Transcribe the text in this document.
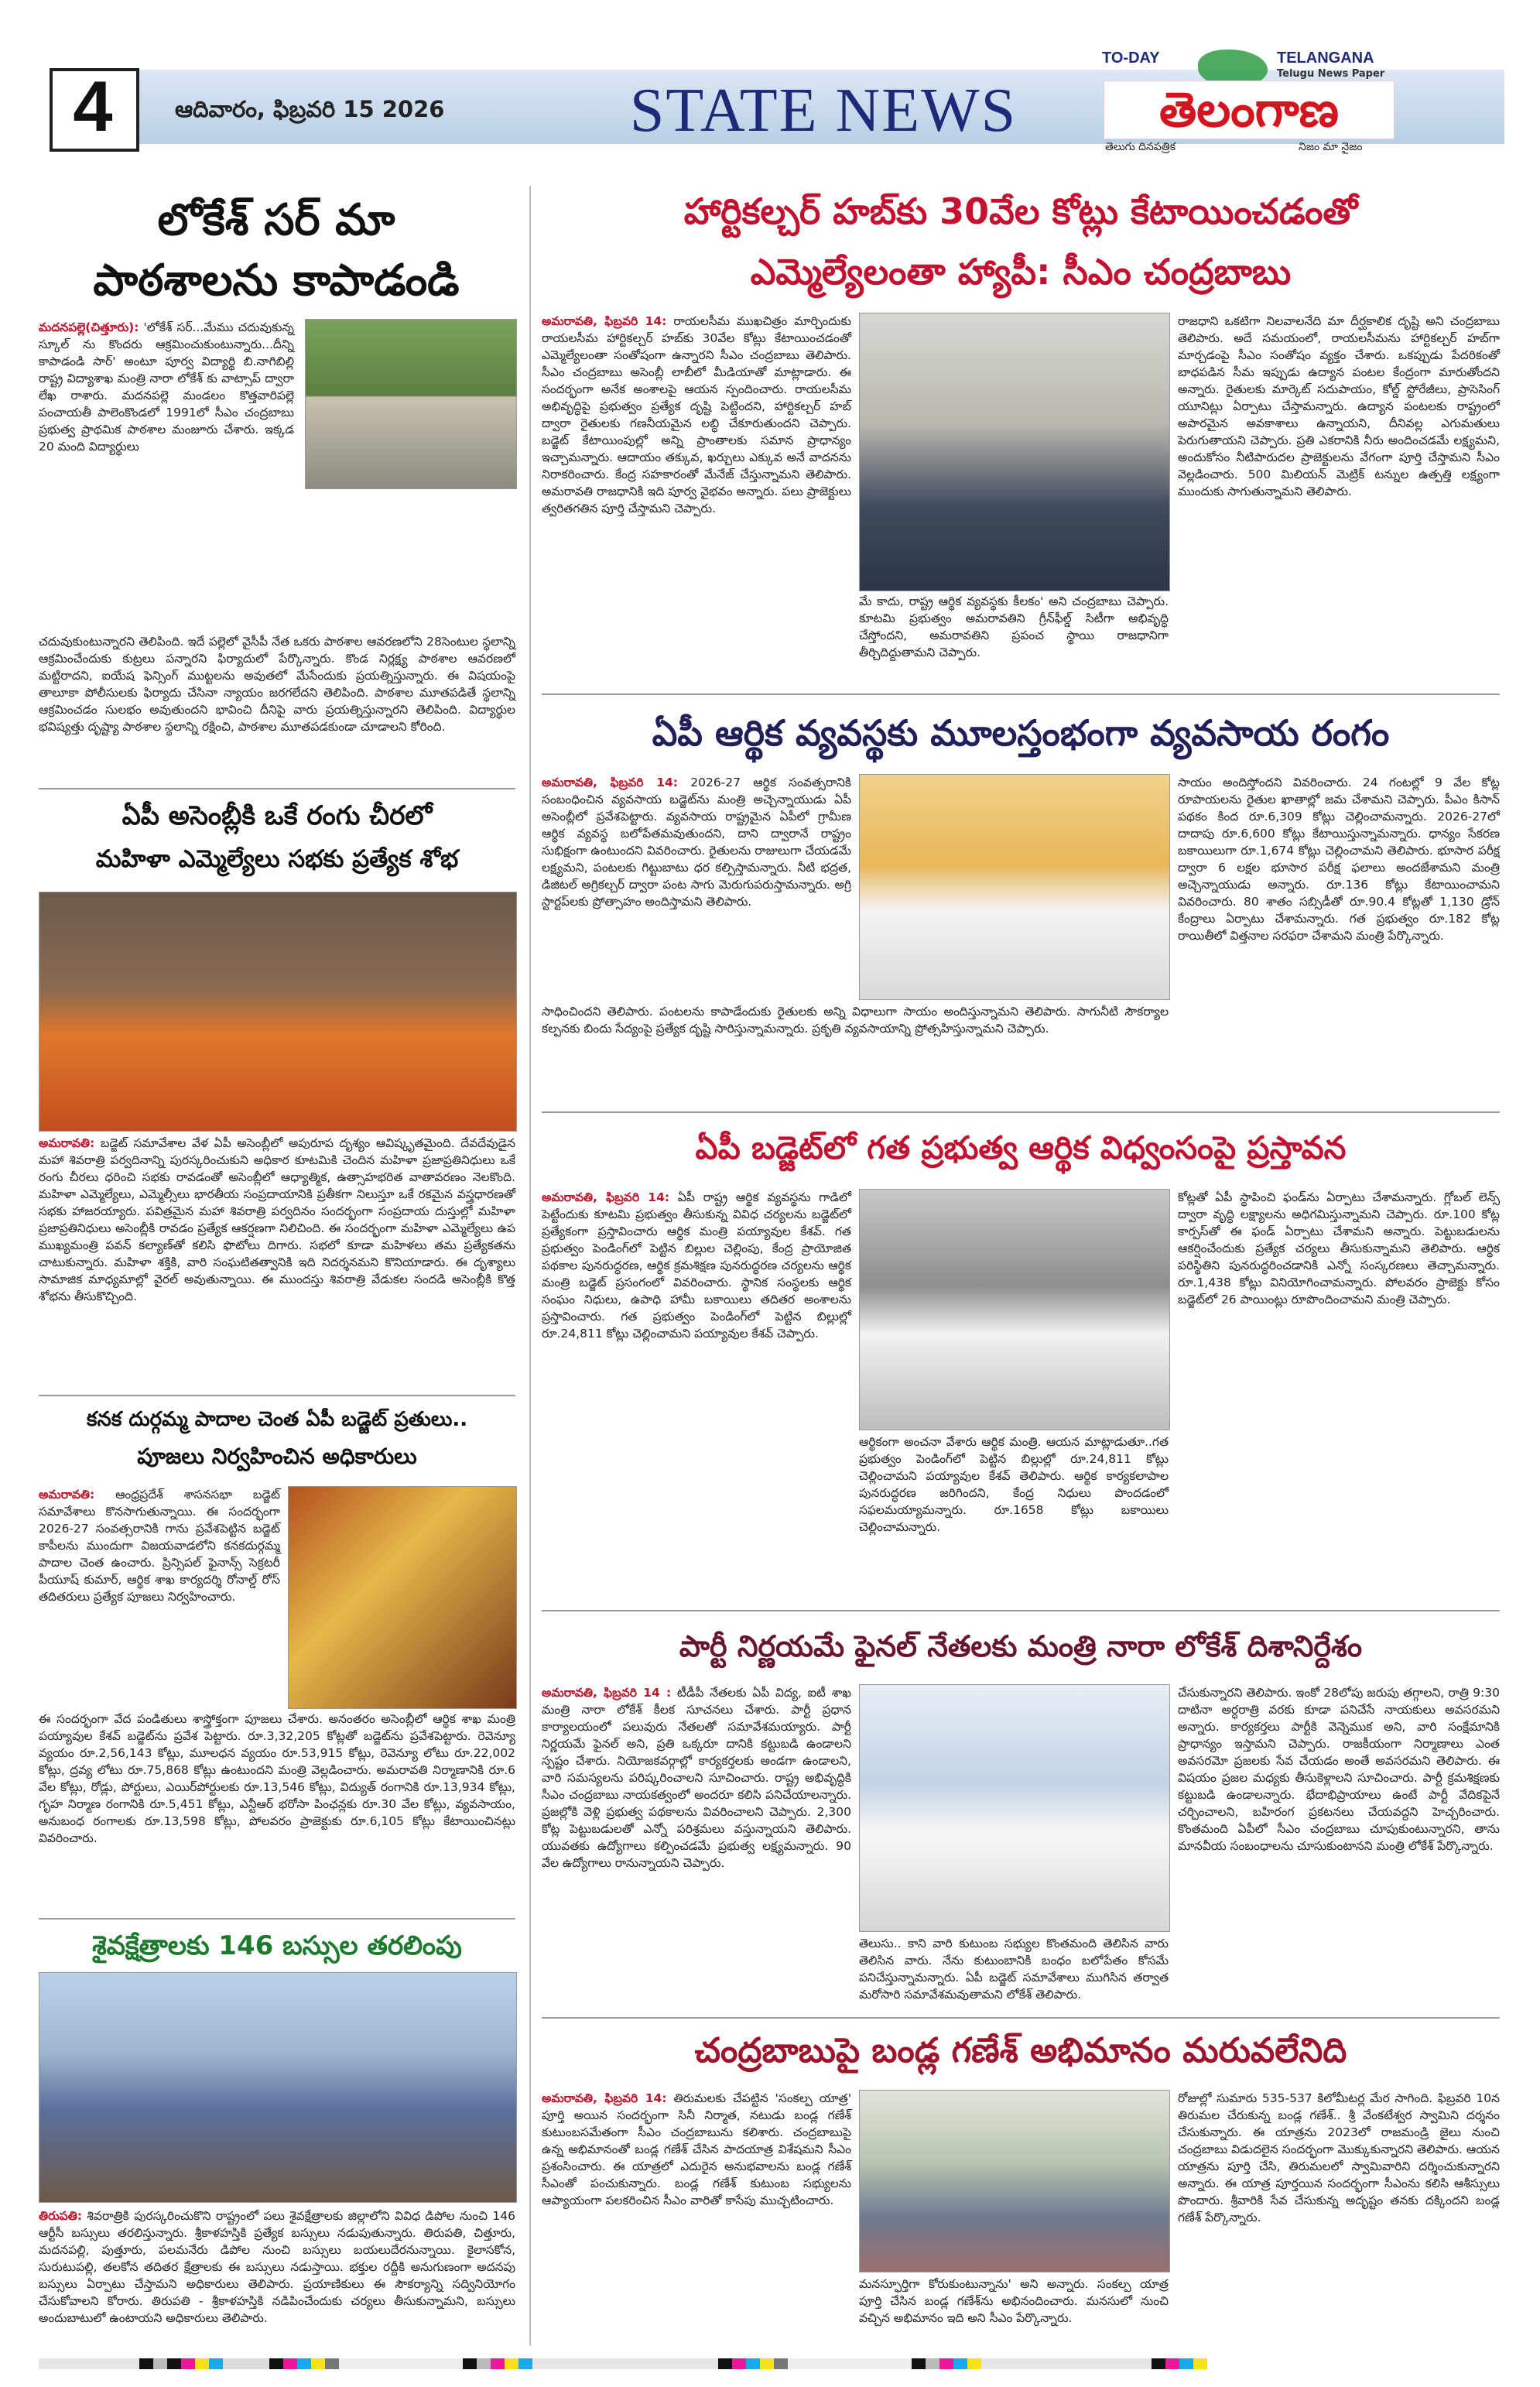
4	ఆదివారం, ఫిబ్రవరి 15 2026	STATE NEWS
TO-DAY	TELANGANA
Telugu News Paper
తెలంగాణ
తెలుగు దినపత్రిక	నిజం మా నైజం
లోకేశ్ సర్ మా
పాఠశాలను కాపాడండి
మదనపల్లె(చిత్తూరు): 'లోకేశ్ సర్...మేము చదువుకున్న స్కూల్ ను కొందరు ఆక్రమించుకుంటున్నారు...దీన్ని కాపాడండి సార్' అంటూ పూర్వ విద్యార్థి బి.నాగిబిల్లి రాష్ట్ర విద్యాశాఖ మంత్రి నారా లోకేశ్ కు వాట్సాప్ ద్వారా లేఖ రాశారు. మదనపల్లె మండలం కొత్తవారిపల్లె పంచాయతీ పాలెంకొండలో 1991లో సీఎం చంద్రబాబు ప్రభుత్వ ప్రాథమిక పాఠశాల మంజూరు చేశారు. ఇక్కడ 20 మంది విద్యార్థులు
చదువుకుంటున్నారని తెలిపింది. ఇదే పల్లెలో వైసీపీ నేత ఒకరు పాఠశాల ఆవరణలోని 28సెంటుల స్థలాన్ని ఆక్రమించేందుకు కుట్రలు పన్నారని ఫిర్యాదులో పేర్కొన్నారు. కొండ నిర్లక్ష్య పాఠశాల ఆవరణలో మట్టిరాదని, ఐయేష ఫెన్సింగ్ ముట్టలను అవుతలో మేసేందుకు ప్రయత్నిస్తున్నారు. ఈ విషయంపై తాలూకా పోలీసులకు ఫిర్యాదు చేసినా న్యాయం జరగలేదని తెలిపింది. పాఠశాల మూతపడితే స్థలాన్ని ఆక్రమించడం సులభం అవుతుందని భావించి దీనిపై వారు ప్రయత్నిస్తున్నారని తెలిపింది. విద్యార్థుల భవిష్యత్తు దృష్ట్యా పాఠశాల స్థలాన్ని రక్షించి, పాఠశాల మూతపడకుండా చూడాలని కోరింది.
ఏపీ అసెంబ్లీకి ఒకే రంగు చీరలో
మహిళా ఎమ్మెల్యేలు సభకు ప్రత్యేక శోభ
అమరావతి: బడ్జెట్ సమావేశాల వేళ ఏపీ అసెంబ్లీలో అపురూప దృశ్యం ఆవిష్కృతమైంది. దేవదేవుడైన మహా శివరాత్రి పర్వదినాన్ని పురస్కరించుకుని అధికార కూటమికి చెందిన మహిళా ప్రజాప్రతినిధులు ఒకే రంగు చీరలు ధరించి సభకు రావడంతో అసెంబ్లీలో ఆధ్యాత్మిక, ఉత్సాహభరిత వాతావరణం నెలకొంది. మహిళా ఎమ్మెల్యేలు, ఎమ్మెల్సీలు భారతీయ సంప్రదాయానికి ప్రతీకగా నిలుస్తూ ఒకే రకమైన వస్త్రధారణతో సభకు హాజరయ్యారు. పవిత్రమైన మహా శివరాత్రి పర్వదినం సందర్భంగా సంప్రదాయ దుస్తుల్లో మహిళా ప్రజాప్రతినిధులు అసెంబ్లీకి రావడం ప్రత్యేక ఆకర్షణగా నిలిచింది. ఈ సందర్భంగా మహిళా ఎమ్మెల్యేలు ఉప ముఖ్యమంత్రి పవన్ కల్యాణ్‌తో కలిసి ఫొటోలు దిగారు. సభలో కూడా మహిళలు తమ ప్రత్యేకతను చాటుకున్నారు. మహిళా శక్తికి, వారి సంఘటితత్వానికి ఇది నిదర్శనమని కొనియాడారు. ఈ దృశ్యాలు సామాజిక మాధ్యమాల్లో వైరల్ అవుతున్నాయి. ఈ ముందస్తు శివరాత్రి వేడుకల సందడి అసెంబ్లీకి కొత్త శోభను తీసుకొచ్చింది.
కనక దుర్గమ్మ పాదాల చెంత ఏపీ బడ్జెట్ ప్రతులు..
పూజలు నిర్వహించిన అధికారులు
అమరావతి: ఆంధ్రప్రదేశ్ శాసనసభా బడ్జెట్ సమావేశాలు కొనసాగుతున్నాయి. ఈ సందర్భంగా 2026-27 సంవత్సరానికి గాను ప్రవేశపెట్టిన బడ్జెట్ కాపీలను ముందుగా విజయవాడలోని కనకదుర్గమ్మ పాదాల చెంత ఉంచారు. ప్రిన్సిపల్ ఫైనాన్స్ సెక్రటరీ పీయూష్ కుమార్, ఆర్థిక శాఖ కార్యదర్శి రోనాల్డ్ రోస్ తదితరులు ప్రత్యేక పూజలు నిర్వహించారు.
ఈ సందర్భంగా వేద పండితులు శాస్త్రోక్తంగా పూజలు చేశారు. అనంతరం అసెంబ్లీలో ఆర్థిక శాఖ మంత్రి పయ్యావుల కేశవ్ బడ్జెట్‌ను ప్రవేశ పెట్టారు. రూ.3,32,205 కోట్లతో బడ్జెట్‌ను ప్రవేశపెట్టారు. రెవెన్యూ వ్యయం రూ.2,56,143 కోట్లు, మూలధన వ్యయం రూ.53,915 కోట్లు, రెవెన్యూ లోటు రూ.22,002 కోట్లు, ద్రవ్య లోటు రూ.75,868 కోట్లు ఉంటుందని మంత్రి వెల్లడించారు. అమరావతి నిర్మాణానికి రూ.6 వేల కోట్లు, రోడ్లు, పోర్టులు, ఎయిర్‌పోర్టులకు రూ.13,546 కోట్లు, విద్యుత్ రంగానికి రూ.13,934 కోట్లు, గృహ నిర్మాణ రంగానికి రూ.5,451 కోట్లు, ఎన్టీఆర్ భరోసా పింఛన్లకు రూ.30 వేల కోట్లు, వ్యవసాయం, అనుబంధ రంగాలకు రూ.13,598 కోట్లు, పోలవరం ప్రాజెక్టుకు రూ.6,105 కోట్లు కేటాయించినట్లు వివరించారు.
శైవక్షేత్రాలకు 146 బస్సుల తరలింపు
తిరుపతి: శివరాత్రికి పురస్కరించుకొని రాష్ట్రంలో పలు శైవక్షేత్రాలకు జిల్లాలోని వివిధ డిపోల నుంచి 146 ఆర్టీసీ బస్సులు తరలిస్తున్నారు. శ్రీకాళహస్తికి ప్రత్యేక బస్సులు నడుపుతున్నారు. తిరుపతి, చిత్తూరు, మదనపల్లి, పుత్తూరు, పలమనేరు డిపోల నుంచి బస్సులు బయలుదేరనున్నాయి. కైలాసకోన, సురుటుపల్లి, తలకోన తదితర క్షేత్రాలకు ఈ బస్సులు నడుస్తాయి. భక్తుల రద్దీకి అనుగుణంగా అదనపు బస్సులు ఏర్పాటు చేస్తామని అధికారులు తెలిపారు. ప్రయాణికులు ఈ సౌకర్యాన్ని సద్వినియోగం చేసుకోవాలని కోరారు. తిరుపతి - శ్రీకాళహస్తికి నడిపించేందుకు చర్యలు తీసుకున్నామని, బస్సులు అందుబాటులో ఉంటాయని అధికారులు తెలిపారు.
హార్టికల్చర్ హబ్‌కు 30వేల కోట్లు కేటాయించడంతో
ఎమ్మెల్యేలంతా హ్యాపీ: సీఎం చంద్రబాబు
అమరావతి, ఫిబ్రవరి 14: రాయలసీమ ముఖచిత్రం మార్చిందుకు రాయలసీమ హార్టికల్చర్ హబ్‌కు 30వేల కోట్లు కేటాయించడంతో ఎమ్మెల్యేలంతా సంతోషంగా ఉన్నారని సీఎం చంద్రబాబు తెలిపారు. సీఎం చంద్రబాబు అసెంబ్లీ లాబీలో మీడియాతో మాట్లాడారు. ఈ సందర్భంగా అనేక అంశాలపై ఆయన స్పందించారు. రాయలసీమ అభివృద్ధిపై ప్రభుత్వం ప్రత్యేక దృష్టి పెట్టిందని, హార్టికల్చర్ హబ్ ద్వారా రైతులకు గణనీయమైన లబ్ధి చేకూరుతుందని చెప్పారు. బడ్జెట్ కేటాయింపుల్లో అన్ని ప్రాంతాలకు సమాన ప్రాధాన్యం ఇచ్చామన్నారు. ఆదాయం తక్కువ, ఖర్చులు ఎక్కువ అనే వాదనను నిరాకరించారు. కేంద్ర సహకారంతో మేనేజ్ చేస్తున్నామని తెలిపారు. అమరావతి రాజధానికి ఇది పూర్వ వైభవం అన్నారు. పలు ప్రాజెక్టులు త్వరితగతిన పూర్తి చేస్తామని చెప్పారు.
మే కాదు, రాష్ట్ర ఆర్థిక వ్యవస్థకు కీలకం' అని చంద్రబాబు చెప్పారు. కూటమి ప్రభుత్వం అమరావతిని గ్రీన్‌ఫీల్డ్ సిటీగా అభివృద్ధి చేస్తోందని, అమరావతిని ప్రపంచ స్థాయి రాజధానిగా తీర్చిదిద్దుతామని చెప్పారు.
రాజధాని ఒకటిగా నిలవాలనేది మా దీర్ఘకాలిక దృష్టి అని చంద్రబాబు తెలిపారు. అదే సమయంలో, రాయలసీమను హార్టికల్చర్ హబ్‌గా మార్చడంపై సీఎం సంతోషం వ్యక్తం చేశారు. ఒకప్పుడు పేదరికంతో బాధపడిన సీమ ఇప్పుడు ఉద్యాన పంటల కేంద్రంగా మారుతోందని అన్నారు. రైతులకు మార్కెట్ సదుపాయం, కోల్డ్ స్టోరేజీలు, ప్రాసెసింగ్ యూనిట్లు ఏర్పాటు చేస్తామన్నారు. ఉద్యాన పంటలకు రాష్ట్రంలో అపారమైన అవకాశాలు ఉన్నాయని, దీనివల్ల ఎగుమతులు పెరుగుతాయని చెప్పారు. ప్రతి ఎకరానికి నీరు అందించడమే లక్ష్యమని, అందుకోసం నీటిపారుదల ప్రాజెక్టులను వేగంగా పూర్తి చేస్తామని సీఎం వెల్లడించారు. 500 మిలియన్ మెట్రిక్ టన్నుల ఉత్పత్తి లక్ష్యంగా ముందుకు సాగుతున్నామని తెలిపారు.
ఏపీ ఆర్థిక వ్యవస్థకు మూలస్తంభంగా వ్యవసాయ రంగం
అమరావతి, ఫిబ్రవరి 14: 2026-27 ఆర్థిక సంవత్సరానికి సంబంధించిన వ్యవసాయ బడ్జెట్‌ను మంత్రి అచ్చెన్నాయుడు ఏపీ అసెంబ్లీలో ప్రవేశపెట్టారు. వ్యవసాయ రాష్ట్రమైన ఏపీలో గ్రామీణ ఆర్థిక వ్యవస్థ బలోపేతమవుతుందని, దాని ద్వారానే రాష్ట్రం సుభిక్షంగా ఉంటుందని వివరించారు. రైతులను రాజులుగా చేయడమే లక్ష్యమని, పంటలకు గిట్టుబాటు ధర కల్పిస్తామన్నారు. నీటి భద్రత, డిజిటల్ అగ్రికల్చర్ ద్వారా పంట సాగు మెరుగుపరుస్తామన్నారు. అగ్రి స్టార్టప్‌లకు ప్రోత్సాహం అందిస్తామని తెలిపారు.
సాధించిందని తెలిపారు. పంటలను కాపాడేందుకు రైతులకు అన్ని విధాలుగా సాయం అందిస్తున్నామని తెలిపారు. సాగునీటి సౌకర్యాల కల్పనకు బిందు సేద్యంపై ప్రత్యేక దృష్టి సారిస్తున్నామన్నారు. ప్రకృతి వ్యవసాయాన్ని ప్రోత్సహిస్తున్నామని చెప్పారు.
సాయం అందిస్తోందని వివరించారు. 24 గంటల్లో 9 వేల కోట్ల రూపాయలను రైతుల ఖాతాల్లో జమ చేశామని చెప్పారు. పీఎం కిసాన్ పథకం కింద రూ.6,309 కోట్లు చెల్లించామన్నారు. 2026-27లో దాదాపు రూ.6,600 కోట్లు కేటాయిస్తున్నామన్నారు. ధాన్యం సేకరణ బకాయిలుగా రూ.1,674 కోట్లు చెల్లించామని తెలిపారు. భూసార పరీక్ష ద్వారా 6 లక్షల భూసార పరీక్ష ఫలాలు అందజేశామని మంత్రి అచ్చెన్నాయుడు అన్నారు. రూ.136 కోట్లు కేటాయించామని వివరించారు. 80 శాతం సబ్సిడీతో రూ.90.4 కోట్లతో 1,130 డ్రోన్ కేంద్రాలు ఏర్పాటు చేశామన్నారు. గత ప్రభుత్వం రూ.182 కోట్ల రాయితీలో విత్తనాల సరఫరా చేశామని మంత్రి పేర్కొన్నారు.
ఏపీ బడ్జెట్‌లో గత ప్రభుత్వ ఆర్థిక విధ్వంసంపై ప్రస్తావన
అమరావతి, ఫిబ్రవరి 14: ఏపీ రాష్ట్ర ఆర్థిక వ్యవస్థను గాడిలో పెట్టేందుకు కూటమి ప్రభుత్వం తీసుకున్న వివిధ చర్యలను బడ్జెట్‌లో ప్రత్యేకంగా ప్రస్తావించారు ఆర్థిక మంత్రి పయ్యావుల కేశవ్. గత ప్రభుత్వం పెండింగ్‌లో పెట్టిన బిల్లుల చెల్లింపు, కేంద్ర ప్రాయోజిత పథకాల పునరుద్ధరణ, ఆర్థిక క్రమశిక్షణ పునరుద్ధరణ చర్యలను ఆర్థిక మంత్రి బడ్జెట్ ప్రసంగంలో వివరించారు. స్థానిక సంస్థలకు ఆర్థిక సంఘం నిధులు, ఉపాధి హామీ బకాయిలు తదితర అంశాలను ప్రస్తావించారు. గత ప్రభుత్వం పెండింగ్‌లో పెట్టిన బిల్లుల్లో రూ.24,811 కోట్లు చెల్లించామని పయ్యావుల కేశవ్ చెప్పారు.
ఆర్థికంగా అంచనా వేశారు ఆర్థిక మంత్రి. ఆయన మాట్లాడుతూ..గత ప్రభుత్వం పెండింగ్‌లో పెట్టిన బిల్లుల్లో రూ.24,811 కోట్లు చెల్లించామని పయ్యావుల కేశవ్ తెలిపారు. ఆర్థిక కార్యకలాపాల పునరుద్ధరణ జరిగిందని, కేంద్ర నిధులు పొందడంలో సఫలమయ్యామన్నారు. రూ.1658 కోట్లు బకాయిలు చెల్లించామన్నారు.
కోట్లతో ఏపీ స్థాపించి ఫండ్‌ను ఏర్పాటు చేశామన్నారు. గ్లోబల్ లెన్స్ ద్వారా వృద్ధి లక్ష్యాలను అధిగమిస్తున్నామని చెప్పారు. రూ.100 కోట్ల కార్పస్‌తో ఈ ఫండ్ ఏర్పాటు చేశామని అన్నారు. పెట్టుబడులను ఆకర్షించేందుకు ప్రత్యేక చర్యలు తీసుకున్నామని తెలిపారు. ఆర్థిక పరిస్థితిని పునరుద్ధరించడానికి ఎన్నో సంస్కరణలు తెచ్చామన్నారు. రూ.1,438 కోట్లు వినియోగించామన్నారు. పోలవరం ప్రాజెక్టు కోసం బడ్జెట్‌లో 26 పాయింట్లు రూపొందించామని మంత్రి చెప్పారు.
పార్టీ నిర్ణయమే ఫైనల్ నేతలకు మంత్రి నారా లోకేశ్ దిశానిర్దేశం
అమరావతి, ఫిబ్రవరి 14 : టీడీపీ నేతలకు ఏపీ విద్య, ఐటీ శాఖ మంత్రి నారా లోకేశ్ కీలక సూచనలు చేశారు. పార్టీ ప్రధాన కార్యాలయంలో పలువురు నేతలతో సమావేశమయ్యారు. పార్టీ నిర్ణయమే ఫైనల్ అని, ప్రతి ఒక్కరూ దానికి కట్టుబడి ఉండాలని స్పష్టం చేశారు. నియోజకవర్గాల్లో కార్యకర్తలకు అండగా ఉండాలని, వారి సమస్యలను పరిష్కరించాలని సూచించారు. రాష్ట్ర అభివృద్ధికి సీఎం చంద్రబాబు నాయకత్వంలో అందరూ కలిసి పనిచేయాలన్నారు. ప్రజల్లోకి వెళ్లి ప్రభుత్వ పథకాలను వివరించాలని చెప్పారు. 2,300 కోట్ల పెట్టుబడులతో ఎన్నో పరిశ్రమలు వస్తున్నాయని తెలిపారు. యువతకు ఉద్యోగాలు కల్పించడమే ప్రభుత్వ లక్ష్యమన్నారు. 90 వేల ఉద్యోగాలు రానున్నాయని చెప్పారు.
తెలుసు.. కాని వారి కుటుంబ సభ్యుల కొంతమంది తెలిసిన వారు తెలిసిన వారు. నేను కుటుంబానికి బంధం బలోపేతం కోసమే పనిచేస్తున్నామన్నారు. ఏపీ బడ్జెట్ సమావేశాలు ముగిసిన తర్వాత మరోసారి సమావేశమవుతామని లోకేశ్ తెలిపారు.
చేసుకున్నారని తెలిపారు. ఇంకో 28లోపు జరుపు తగ్గాలని, రాత్రి 9:30 దాటినా అర్ధరాత్రి వరకు కూడా పనిచేసే నాయకులు అవసరమని అన్నారు. కార్యకర్తలు పార్టీకి వెన్నెముక అని, వారి సంక్షేమానికి ప్రాధాన్యం ఇస్తామని చెప్పారు. రాజకీయంగా నిర్మాణాలు ఎంత అవసరమో ప్రజలకు సేవ చేయడం అంతే అవసరమని తెలిపారు. ఈ విషయం ప్రజల మధ్యకు తీసుకెళ్లాలని సూచించారు. పార్టీ క్రమశిక్షణకు కట్టుబడి ఉండాలన్నారు. భేదాభిప్రాయాలు ఉంటే పార్టీ వేదికపైనే చర్చించాలని, బహిరంగ ప్రకటనలు చేయవద్దని హెచ్చరించారు. కొంతమంది ఏపీలో సీఎం చంద్రబాబు చూపుకుంటున్నారని, తాను మానవీయ సంబంధాలను చూసుకుంటానని మంత్రి లోకేశ్ పేర్కొన్నారు.
చంద్రబాబుపై బండ్ల గణేశ్ అభిమానం మరువలేనిది
అమరావతి, ఫిబ్రవరి 14: తిరుమలకు చేపట్టిన 'సంకల్ప యాత్ర' పూర్తి అయిన సందర్భంగా సినీ నిర్మాత, నటుడు బండ్ల గణేశ్ కుటుంబసమేతంగా సీఎం చంద్రబాబును కలిశారు. చంద్రబాబుపై ఉన్న అభిమానంతో బండ్ల గణేశ్ చేసిన పాదయాత్ర విశేషమని సీఎం ప్రశంసించారు. ఈ యాత్రలో ఎదురైన అనుభవాలను బండ్ల గణేశ్ సీఎంతో పంచుకున్నారు. బండ్ల గణేశ్ కుటుంబ సభ్యులను ఆప్యాయంగా పలకరించిన సీఎం వారితో కాసేపు ముచ్చటించారు.
మనస్ఫూర్తిగా కోరుకుంటున్నాను' అని అన్నారు. సంకల్ప యాత్ర పూర్తి చేసిన బండ్ల గణేశ్‌ను అభినందించారు. మనసులో నుంచి వచ్చిన అభిమానం ఇది అని సీఎం పేర్కొన్నారు.
రోజుల్లో సుమారు 535-537 కిలోమీటర్ల మేర సాగింది. ఫిబ్రవరి 10న తిరుమల చేరుకున్న బండ్ల గణేశ్.. శ్రీ వేంకటేశ్వర స్వామిని దర్శనం చేసుకున్నారు. ఈ యాత్రను 2023లో రాజమండ్రి జైలు నుంచి చంద్రబాబు విడుదలైన సందర్భంగా మొక్కుకున్నారని తెలిపారు. ఆయన యాత్రను పూర్తి చేసి, తిరుమలలో స్వామివారిని దర్శించుకున్నారని అన్నారు. ఈ యాత్ర పూర్తయిన సందర్భంగా సీఎంను కలిసి ఆశీస్సులు పొందారు. శ్రీవారికి సేవ చేసుకున్న అదృష్టం తనకు దక్కిందని బండ్ల గణేశ్ పేర్కొన్నారు.
